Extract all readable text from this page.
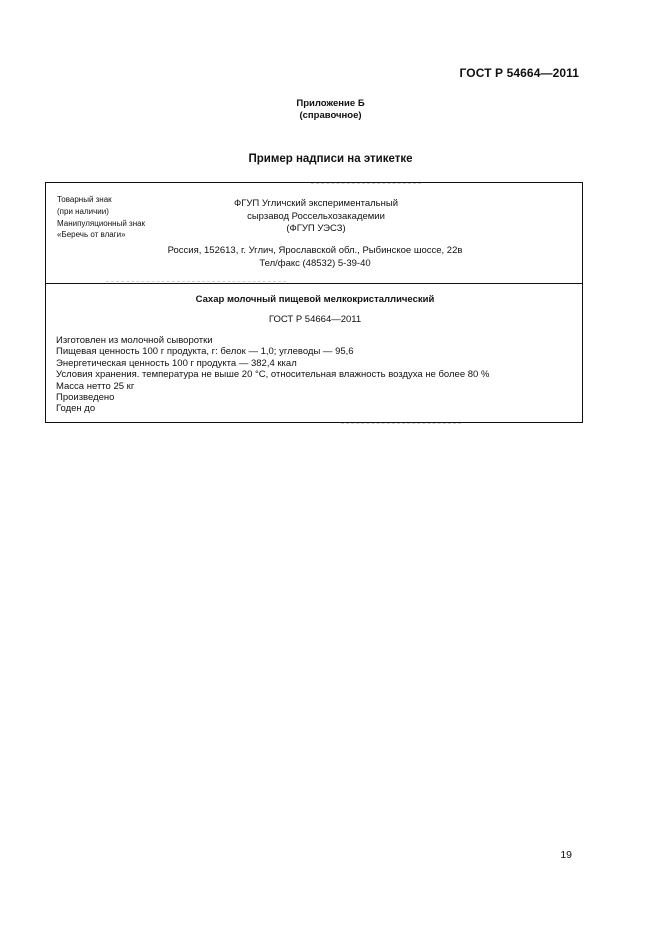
ГОСТ Р 54664—2011
Приложение Б
(справочное)
Пример надписи на этикетке
Товарный знак
(при наличии)
Манипуляционный знак
«Беречь от влаги»
ФГУП Угличский экспериментальный
сырзавод Россельхозакадемии
(ФГУП УЭСЗ)
Россия, 152613, г. Углич, Ярославской обл., Рыбинское шоссе, 22в
Тел/факс (48532) 5-39-40
Сахар молочный пищевой мелкокристаллический
ГОСТ Р 54664—2011
Изготовлен из молочной сыворотки
Пищевая ценность 100 г продукта, г: белок — 1,0; углеводы — 95,6
Энергетическая ценность 100 г продукта — 382,4 ккал
Условия хранения. температура не выше 20 °С, относительная влажность воздуха не более 80 %
Масса нетто 25 кг
Произведено
Годен до
19
